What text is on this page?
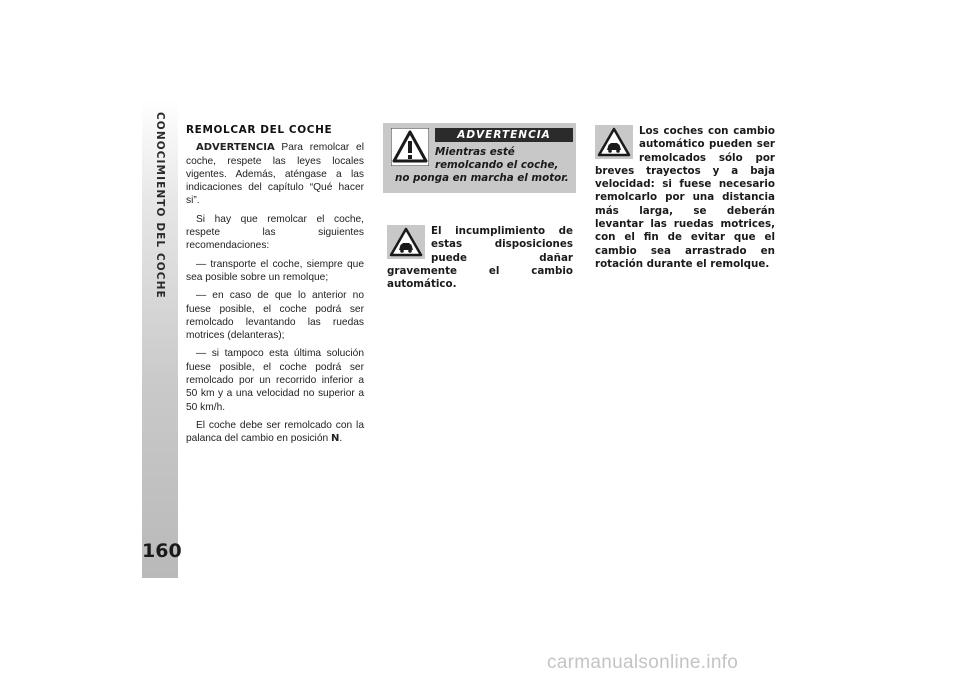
CONOCIMIENTO DEL COCHE
160
REMOLCAR DEL COCHE

ADVERTENCIA Para remolcar el coche, respete las leyes locales vigentes. Además, aténgase a las indicaciones del capítulo “Qué hacer si”.

Si hay que remolcar el coche, respete las siguientes recomendaciones:

— transporte el coche, siempre que sea posible sobre un remolque;

— en caso de que lo anterior no fuese posible, el coche podrá ser remolcado levantando las ruedas motrices (delanteras);

— si tampoco esta última solución fuese posible, el coche podrá ser remolcado por un recorrido inferior a 50 km y a una velocidad no superior a 50 km/h.

El coche debe ser remolcado con la palanca del cambio en posición N.

ADVERTENCIA
Mientras esté remolcando el coche, no ponga en marcha el motor.
El incumplimiento de estas disposiciones puede dañar gravemente el cambio automático.
Los coches con cambio automático pueden ser remolcados sólo por breves trayectos y a baja velocidad: si fuese necesario remolcarlo por una distancia más larga, se deberán levantar las ruedas motrices, con el fin de evitar que el cambio sea arrastrado en rotación durante el remolque.
carmanualsonline.info
